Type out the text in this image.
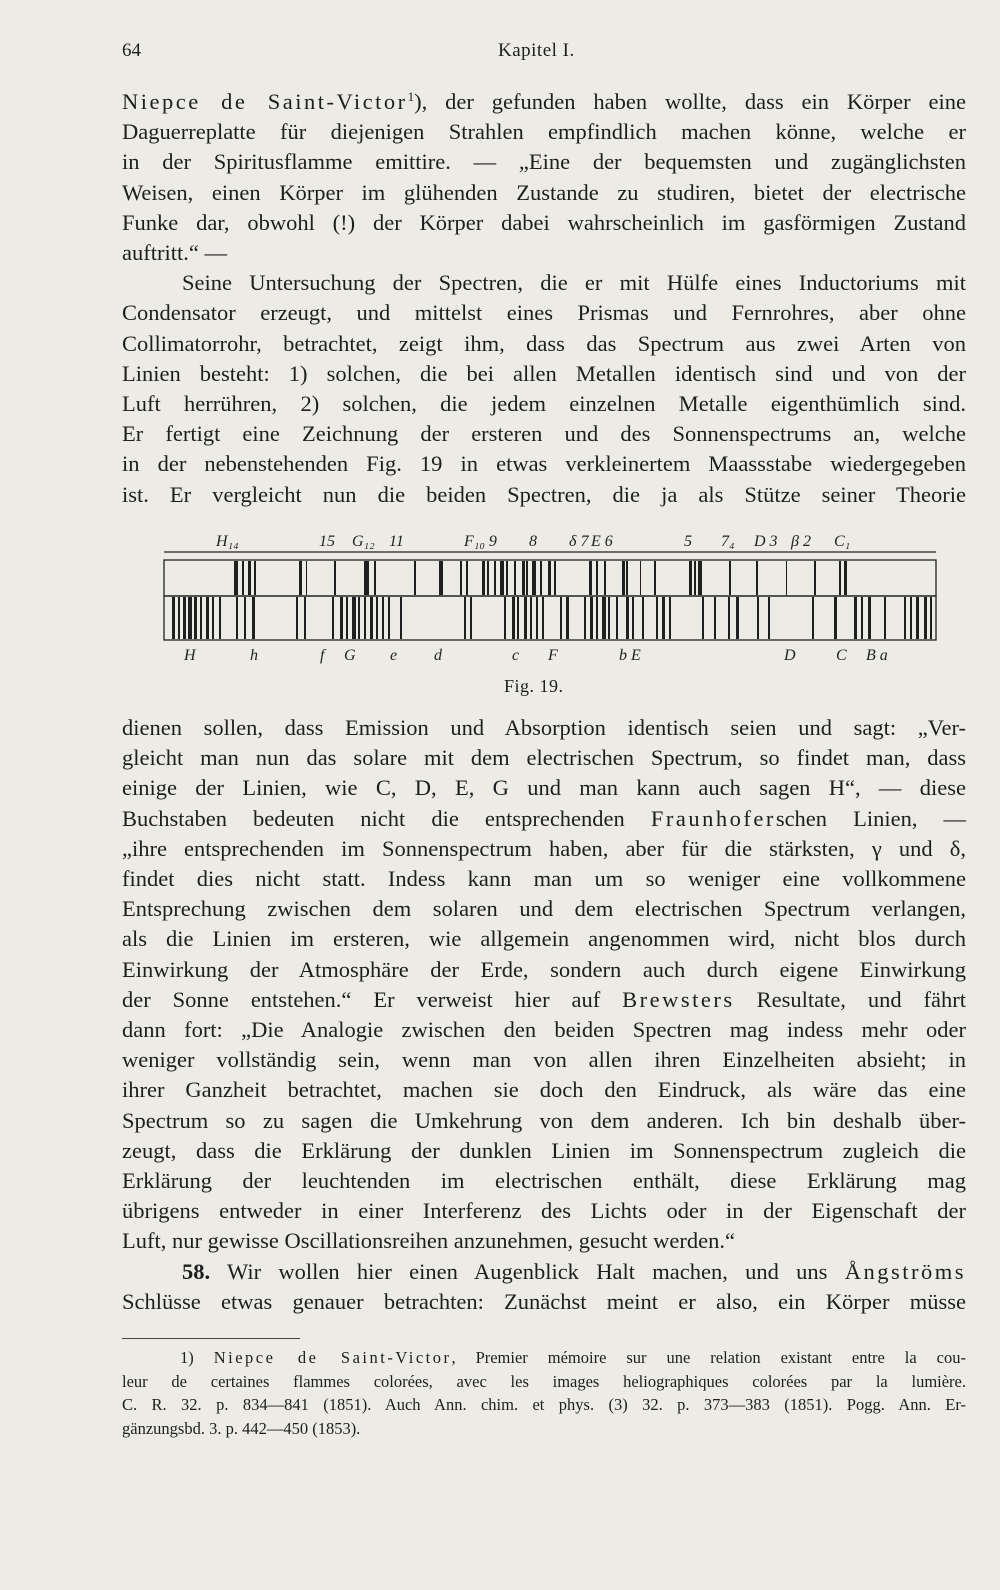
64	Kapitel I.
Niepce de Saint-Victor$^1$), der gefunden haben wollte, dass ein Körper eine
Daguerreplatte für diejenigen Strahlen empfindlich machen könne, welche er
in der Spiritusflamme emittire. — „Eine der bequemsten und zugänglichsten
Weisen, einen Körper im glühenden Zustande zu studiren, bietet der electrische
Funke dar, obwohl (!) der Körper dabei wahrscheinlich im gasförmigen Zustand
auftritt.“ —
Seine Untersuchung der Spectren, die er mit Hülfe eines Inductoriums mit
Condensator erzeugt, und mittelst eines Prismas und Fernrohres, aber ohne
Collimatorrohr, betrachtet, zeigt ihm, dass das Spectrum aus zwei Arten von
Linien besteht: 1) solchen, die bei allen Metallen identisch sind und von der
Luft herrühren, 2) solchen, die jedem einzelnen Metalle eigenthümlich sind.
Er fertigt eine Zeichnung der ersteren und des Sonnenspectrums an, welche
in der nebenstehenden Fig. 19 in etwas verkleinertem Maassstabe wiedergegeben
ist. Er vergleicht nun die beiden Spectren, die ja als Stütze seiner Theorie
H₁₄	15 G₁₂ 11	F₁₀ 9 8 δ 7 E 6	5 7₄ D 3 β 2 C₁
H	h	f G e d	c F	b E	D	C B a
Fig. 19.
dienen sollen, dass Emission und Absorption identisch seien und sagt: „Ver-
gleicht man nun das solare mit dem electrischen Spectrum, so findet man, dass
einige der Linien, wie C, D, E, G und man kann auch sagen H“, — diese
Buchstaben bedeuten nicht die entsprechenden Fraunhoferschen Linien, —
„ihre entsprechenden im Sonnenspectrum haben, aber für die stärksten, γ und δ,
findet dies nicht statt. Indess kann man um so weniger eine vollkommene
Entsprechung zwischen dem solaren und dem electrischen Spectrum verlangen,
als die Linien im ersteren, wie allgemein angenommen wird, nicht blos durch
Einwirkung der Atmosphäre der Erde, sondern auch durch eigene Einwirkung
der Sonne entstehen.“ Er verweist hier auf Brewsters Resultate, und fährt
dann fort: „Die Analogie zwischen den beiden Spectren mag indess mehr oder
weniger vollständig sein, wenn man von allen ihren Einzelheiten absieht; in
ihrer Ganzheit betrachtet, machen sie doch den Eindruck, als wäre das eine
Spectrum so zu sagen die Umkehrung von dem anderen. Ich bin deshalb über-
zeugt, dass die Erklärung der dunklen Linien im Sonnenspectrum zugleich die
Erklärung der leuchtenden im electrischen enthält, diese Erklärung mag
übrigens entweder in einer Interferenz des Lichts oder in der Eigenschaft der
Luft, nur gewisse Oscillationsreihen anzunehmen, gesucht werden.“
58. Wir wollen hier einen Augenblick Halt machen, und uns Ångströms
Schlüsse etwas genauer betrachten: Zunächst meint er also, ein Körper müsse
1) Niepce de Saint-Victor, Premier mémoire sur une relation existant entre la cou-
leur de certaines flammes colorées, avec les images heliographiques colorées par la lumière.
C. R. 32. p. 834—841 (1851). Auch Ann. chim. et phys. (3) 32. p. 373—383 (1851). Pogg. Ann. Er-
gänzungsbd. 3. p. 442—450 (1853).
